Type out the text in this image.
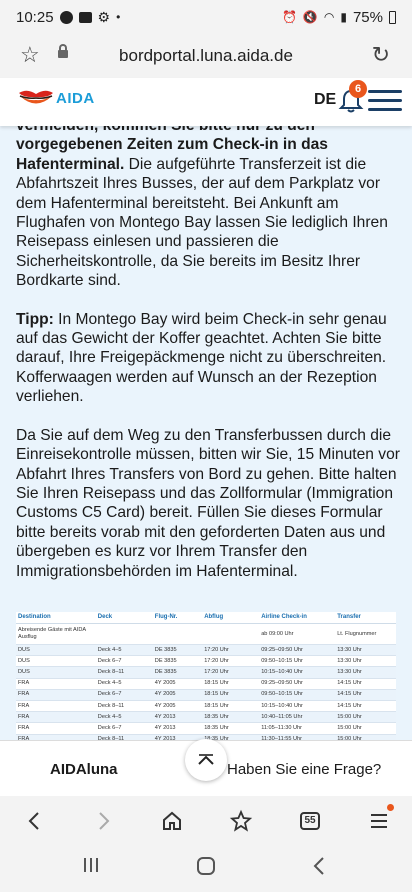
10:25	⚙ •	⏰ 🔇 ◠ ▮ 75%
☆	bordportal.luna.aida.de	↻
AIDA	DE
6

vorgegebenen Zeiten zum Check-in in das Hafenterminal. Die aufgeführte Transferzeit ist die Abfahrtszeit Ihres Busses, der auf dem Parkplatz vor dem Hafenterminal bereitsteht. Bei Ankunft am Flughafen von Montego Bay lassen Sie lediglich Ihren Reisepass einlesen und passieren die Sicherheitskontrolle, da Sie bereits im Besitz Ihrer Bordkarte sind.

Tipp: In Montego Bay wird beim Check-in sehr genau auf das Gewicht der Koffer geachtet. Achten Sie bitte darauf, Ihre Freigepäckmenge nicht zu überschreiten. Kofferwaagen werden auf Wunsch an der Rezeption verliehen.

Da Sie auf dem Weg zu den Transferbussen durch die Einreisekontrolle müssen, bitten wir Sie, 15 Minuten vor Abfahrt Ihres Transfers von Bord zu gehen. Bitte halten Sie Ihren Reisepass und das Zollformular (Immigration Customs C5 Card) bereit. Füllen Sie dieses Formular bitte bereits vorab mit den geforderten Daten aus und übergeben es kurz vor Ihrem Transfer den Immigrationsbehörden im Hafenterminal.

Destination	Deck	Flug-Nr.	Abflug	Airline Check-in	Transfer
Abreisende Gäste mit AIDA Ausflug				ab 09:00 Uhr	Lt. Flugnummer
DUS	Deck 4–5	DE 3835	17:20 Uhr	09:25–09:50 Uhr	13:30 Uhr
DUS	Deck 6–7	DE 3835	17:20 Uhr	09:50–10:15 Uhr	13:30 Uhr
DUS	Deck 8–11	DE 3835	17:20 Uhr	10:15–10:40 Uhr	13:30 Uhr
FRA	Deck 4–5	4Y 2005	18:15 Uhr	09:25–09:50 Uhr	14:15 Uhr
FRA	Deck 6–7	4Y 2005	18:15 Uhr	09:50–10:15 Uhr	14:15 Uhr
FRA	Deck 8–11	4Y 2005	18:15 Uhr	10:15–10:40 Uhr	14:15 Uhr
FRA	Deck 4–5	4Y 2013	18:35 Uhr	10:40–11:05 Uhr	15:00 Uhr
FRA	Deck 6–7	4Y 2013	18:35 Uhr	11:05–11:30 Uhr	15:00 Uhr

AIDAluna	Haben Sie eine Frage?
55
